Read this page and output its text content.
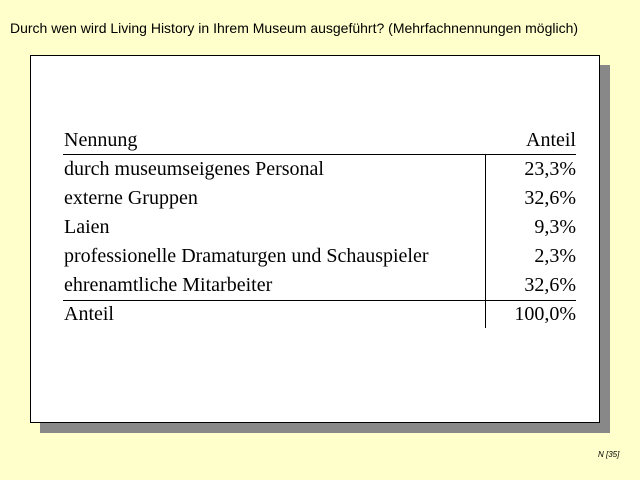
Durch wen wird Living History in Ihrem Museum ausgeführt? (Mehrfachnennungen möglich)
Nennung	Anteil
durch museumseigenes Personal	23,3%
externe Gruppen	32,6%
Laien	9,3%
professionelle Dramaturgen und Schauspieler	2,3%
ehrenamtliche Mitarbeiter	32,6%
Anteil	100,0%
N [35]
